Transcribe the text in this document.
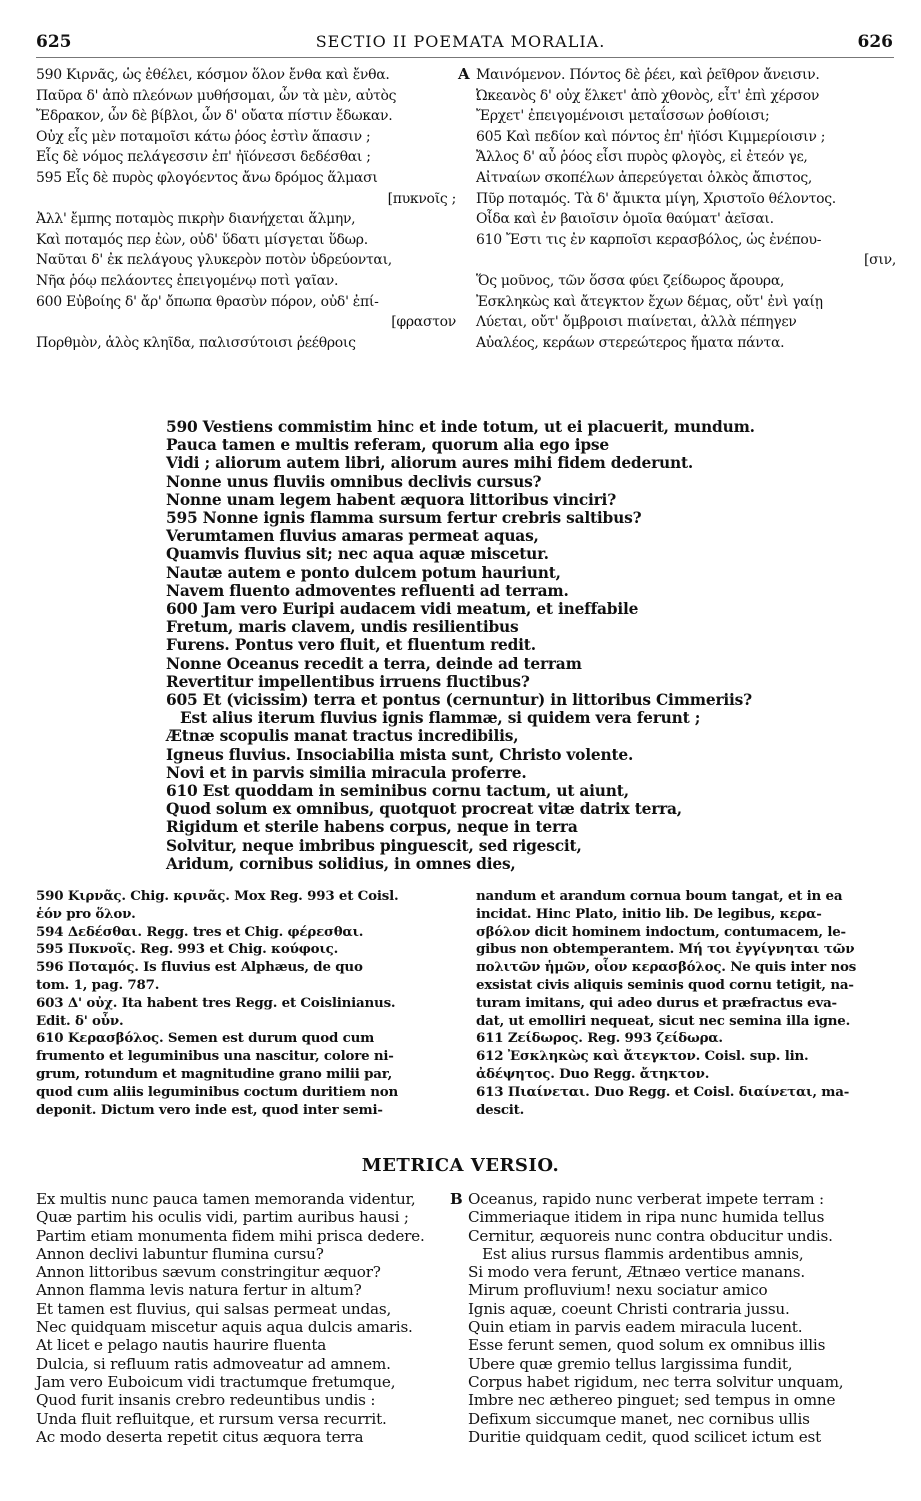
625	SECTIO II POEMATA MORALIA.	626
590 Κιρνᾶς, ὡς ἐθέλει, κόσμον ὅλον ἔνθα καὶ ἔνθα.
Παῦρα δ' ἀπὸ πλεόνων μυθήσομαι, ὧν τὰ μὲν, αὐτὸς
Ἔδρακον, ὧν δὲ βίβλοι, ὧν δ' οὔατα πίστιν ἔδωκαν.
Οὐχ εἷς μὲν ποταμοῖσι κάτω ῥόος ἐστὶν ἅπασιν ;
Εἷς δὲ νόμος πελάγεσσιν ἐπ' ἠϊόνεσσι δεδέσθαι ;
595 Εἷς δὲ πυρὸς φλογόεντος ἄνω δρόμος ἅλμασι
[πυκνοῖς ;
Ἀλλ' ἔμπης ποταμὸς πικρὴν διανήχεται ἅλμην,
Καὶ ποταμός περ ἐὼν, οὐδ' ὕδατι μίσγεται ὕδωρ.
Ναῦται δ' ἐκ πελάγους γλυκερὸν ποτὸν ὑδρεύονται,
Νῆα ῥόῳ πελάοντες ἐπειγομένῳ ποτὶ γαῖαν.
600 Εὐβοίης δ' ἄρ' ὄπωπα θρασὺν πόρον, οὐδ' ἐπί-
[φραστον
Πορθμὸν, ἁλὸς κληῖδα, παλισσύτοισι ῥεέθροις
A Μαινόμενον. Πόντος δὲ ῥέει, καὶ ῥεῖθρον ἄνεισιν.
Ὠκεανὸς δ' οὐχ ἕλκετ' ἀπὸ χθονὸς, εἶτ' ἐπὶ χέρσον
Ἔρχετ' ἐπειγομένοισι μεταΐσσων ῥοθίοισι;
605 Καὶ πεδίον καὶ πόντος ἐπ' ἠϊόσι Κιμμερίοισιν ;
Ἄλλος δ' αὖ ῥόος εἶσι πυρὸς φλογὸς, εἰ ἐτεόν γε,
Αἰτναίων σκοπέλων ἀπερεύγεται ὁλκὸς ἄπιστος,
Πῦρ ποταμός. Τὰ δ' ἄμικτα μίγη, Χριστοῖο θέλοντος.
Οἶδα καὶ ἐν βαιοῖσιν ὁμοῖα θαύματ' ἀεῖσαι.
610 Ἔστι τις ἐν καρποῖσι κερασβόλος, ὡς ἐνέπου-
[σιν,
Ὅς μοῦνος, τῶν ὅσσα φύει ζείδωρος ἄρουρα,
Ἐσκληκὼς καὶ ἄτεγκτον ἔχων δέμας, οὔτ' ἐνὶ γαίῃ
Λύεται, οὔτ' ὄμβροισι πιαίνεται, ἀλλὰ πέπηγεν
Αὐαλέος, κεράων στερεώτερος ἤματα πάντα.
590 Vestiens commistim hinc et inde totum, ut ei placuerit, mundum.
Pauca tamen e multis referam, quorum alia ego ipse
Vidi ; aliorum autem libri, aliorum aures mihi fidem dederunt.
Nonne unus fluviis omnibus declivis cursus?
Nonne unam legem habent æquora littoribus vinciri?
595 Nonne ignis flamma sursum fertur crebris saltibus?
Verumtamen fluvius amaras permeat aquas,
Quamvis fluvius sit; nec aqua aquæ miscetur.
Nautæ autem e ponto dulcem potum hauriunt,
Navem fluento admoventes refluenti ad terram.
600 Jam vero Euripi audacem vidi meatum, et ineffabile
Fretum, maris clavem, undis resilientibus
Furens. Pontus vero fluit, et fluentum redit.
Nonne Oceanus recedit a terra, deinde ad terram
Revertitur impellentibus irruens fluctibus?
605 Et (vicissim) terra et pontus (cernuntur) in littoribus Cimmeriis?
Est alius iterum fluvius ignis flammæ, si quidem vera ferunt ;
Ætnæ scopulis manat tractus incredibilis,
Igneus fluvius. Insociabilia mista sunt, Christo volente.
Novi et in parvis similia miracula proferre.
610 Est quoddam in seminibus cornu tactum, ut aiunt,
Quod solum ex omnibus, quotquot procreat vitæ datrix terra,
Rigidum et sterile habens corpus, neque in terra
Solvitur, neque imbribus pinguescit, sed rigescit,
Aridum, cornibus solidius, in omnes dies,
590 Κιρνᾶς. Chig. κρινᾶς. Mox Reg. 993 et Coisl.
ἑόν pro ὅλον.
594 Δεδέσθαι. Regg. tres et Chig. φέρεσθαι.
595 Πυκνοῖς. Reg. 993 et Chig. κούφοις.
596 Ποταμός. Is fluvius est Alphæus, de quo
tom. 1, pag. 787.
603 Δ' οὐχ. Ita habent tres Regg. et Coislinianus.
Edit. δ' οὖν.
610 Κερασβόλος. Semen est durum quod cum
frumento et leguminibus una nascitur, colore ni-
grum, rotundum et magnitudine grano milii par,
quod cum aliis leguminibus coctum duritiem non
deponit. Dictum vero inde est, quod inter semi-
nandum et arandum cornua boum tangat, et in ea
incidat. Hinc Plato, initio lib. De legibus, κερα-
σβόλον dicit hominem indoctum, contumacem, le-
gibus non obtemperantem. Μή τοι ἐγγίγνηται τῶν
πολιτῶν ἡμῶν, οἷον κερασβόλος. Ne quis inter nos
exsistat civis aliquis seminis quod cornu tetigit, na-
turam imitans, qui adeo durus et præfractus eva-
dat, ut emolliri nequeat, sicut nec semina illa igne.
611 Ζείδωρος. Reg. 993 ζείδωρα.
612 Ἐσκληκὼς καὶ ἄτεγκτον. Coisl. sup. lin.
ἀδέψητος. Duo Regg. ἄτηκτον.
613 Πιαίνεται. Duo Regg. et Coisl. διαίνεται, ma-
descit.
METRICA VERSIO.
Ex multis nunc pauca tamen memoranda videntur,
Quæ partim his oculis vidi, partim auribus hausi ;
Partim etiam monumenta fidem mihi prisca dedere.
Annon declivi labuntur flumina cursu?
Annon littoribus sævum constringitur æquor?
Annon flamma levis natura fertur in altum?
Et tamen est fluvius, qui salsas permeat undas,
Nec quidquam miscetur aquis aqua dulcis amaris.
At licet e pelago nautis haurire fluenta
Dulcia, si refluum ratis admoveatur ad amnem.
Jam vero Euboicum vidi tractumque fretumque,
Quod furit insanis crebro redeuntibus undis :
Unda fluit refluitque, et rursum versa recurrit.
Ac modo deserta repetit citus æquora terra
B Oceanus, rapido nunc verberat impete terram :
Cimmeriaque itidem in ripa nunc humida tellus
Cernitur, æquoreis nunc contra obducitur undis.
Est alius rursus flammis ardentibus amnis,
Si modo vera ferunt, Ætnæo vertice manans.
Mirum profluvium! nexu sociatur amico
Ignis aquæ, coeunt Christi contraria jussu.
Quin etiam in parvis eadem miracula lucent.
Esse ferunt semen, quod solum ex omnibus illis
Ubere quæ gremio tellus largissima fundit,
Corpus habet rigidum, nec terra solvitur unquam,
Imbre nec æthereo pinguet; sed tempus in omne
Defixum siccumque manet, nec cornibus ullis
Duritie quidquam cedit, quod scilicet ictum est
